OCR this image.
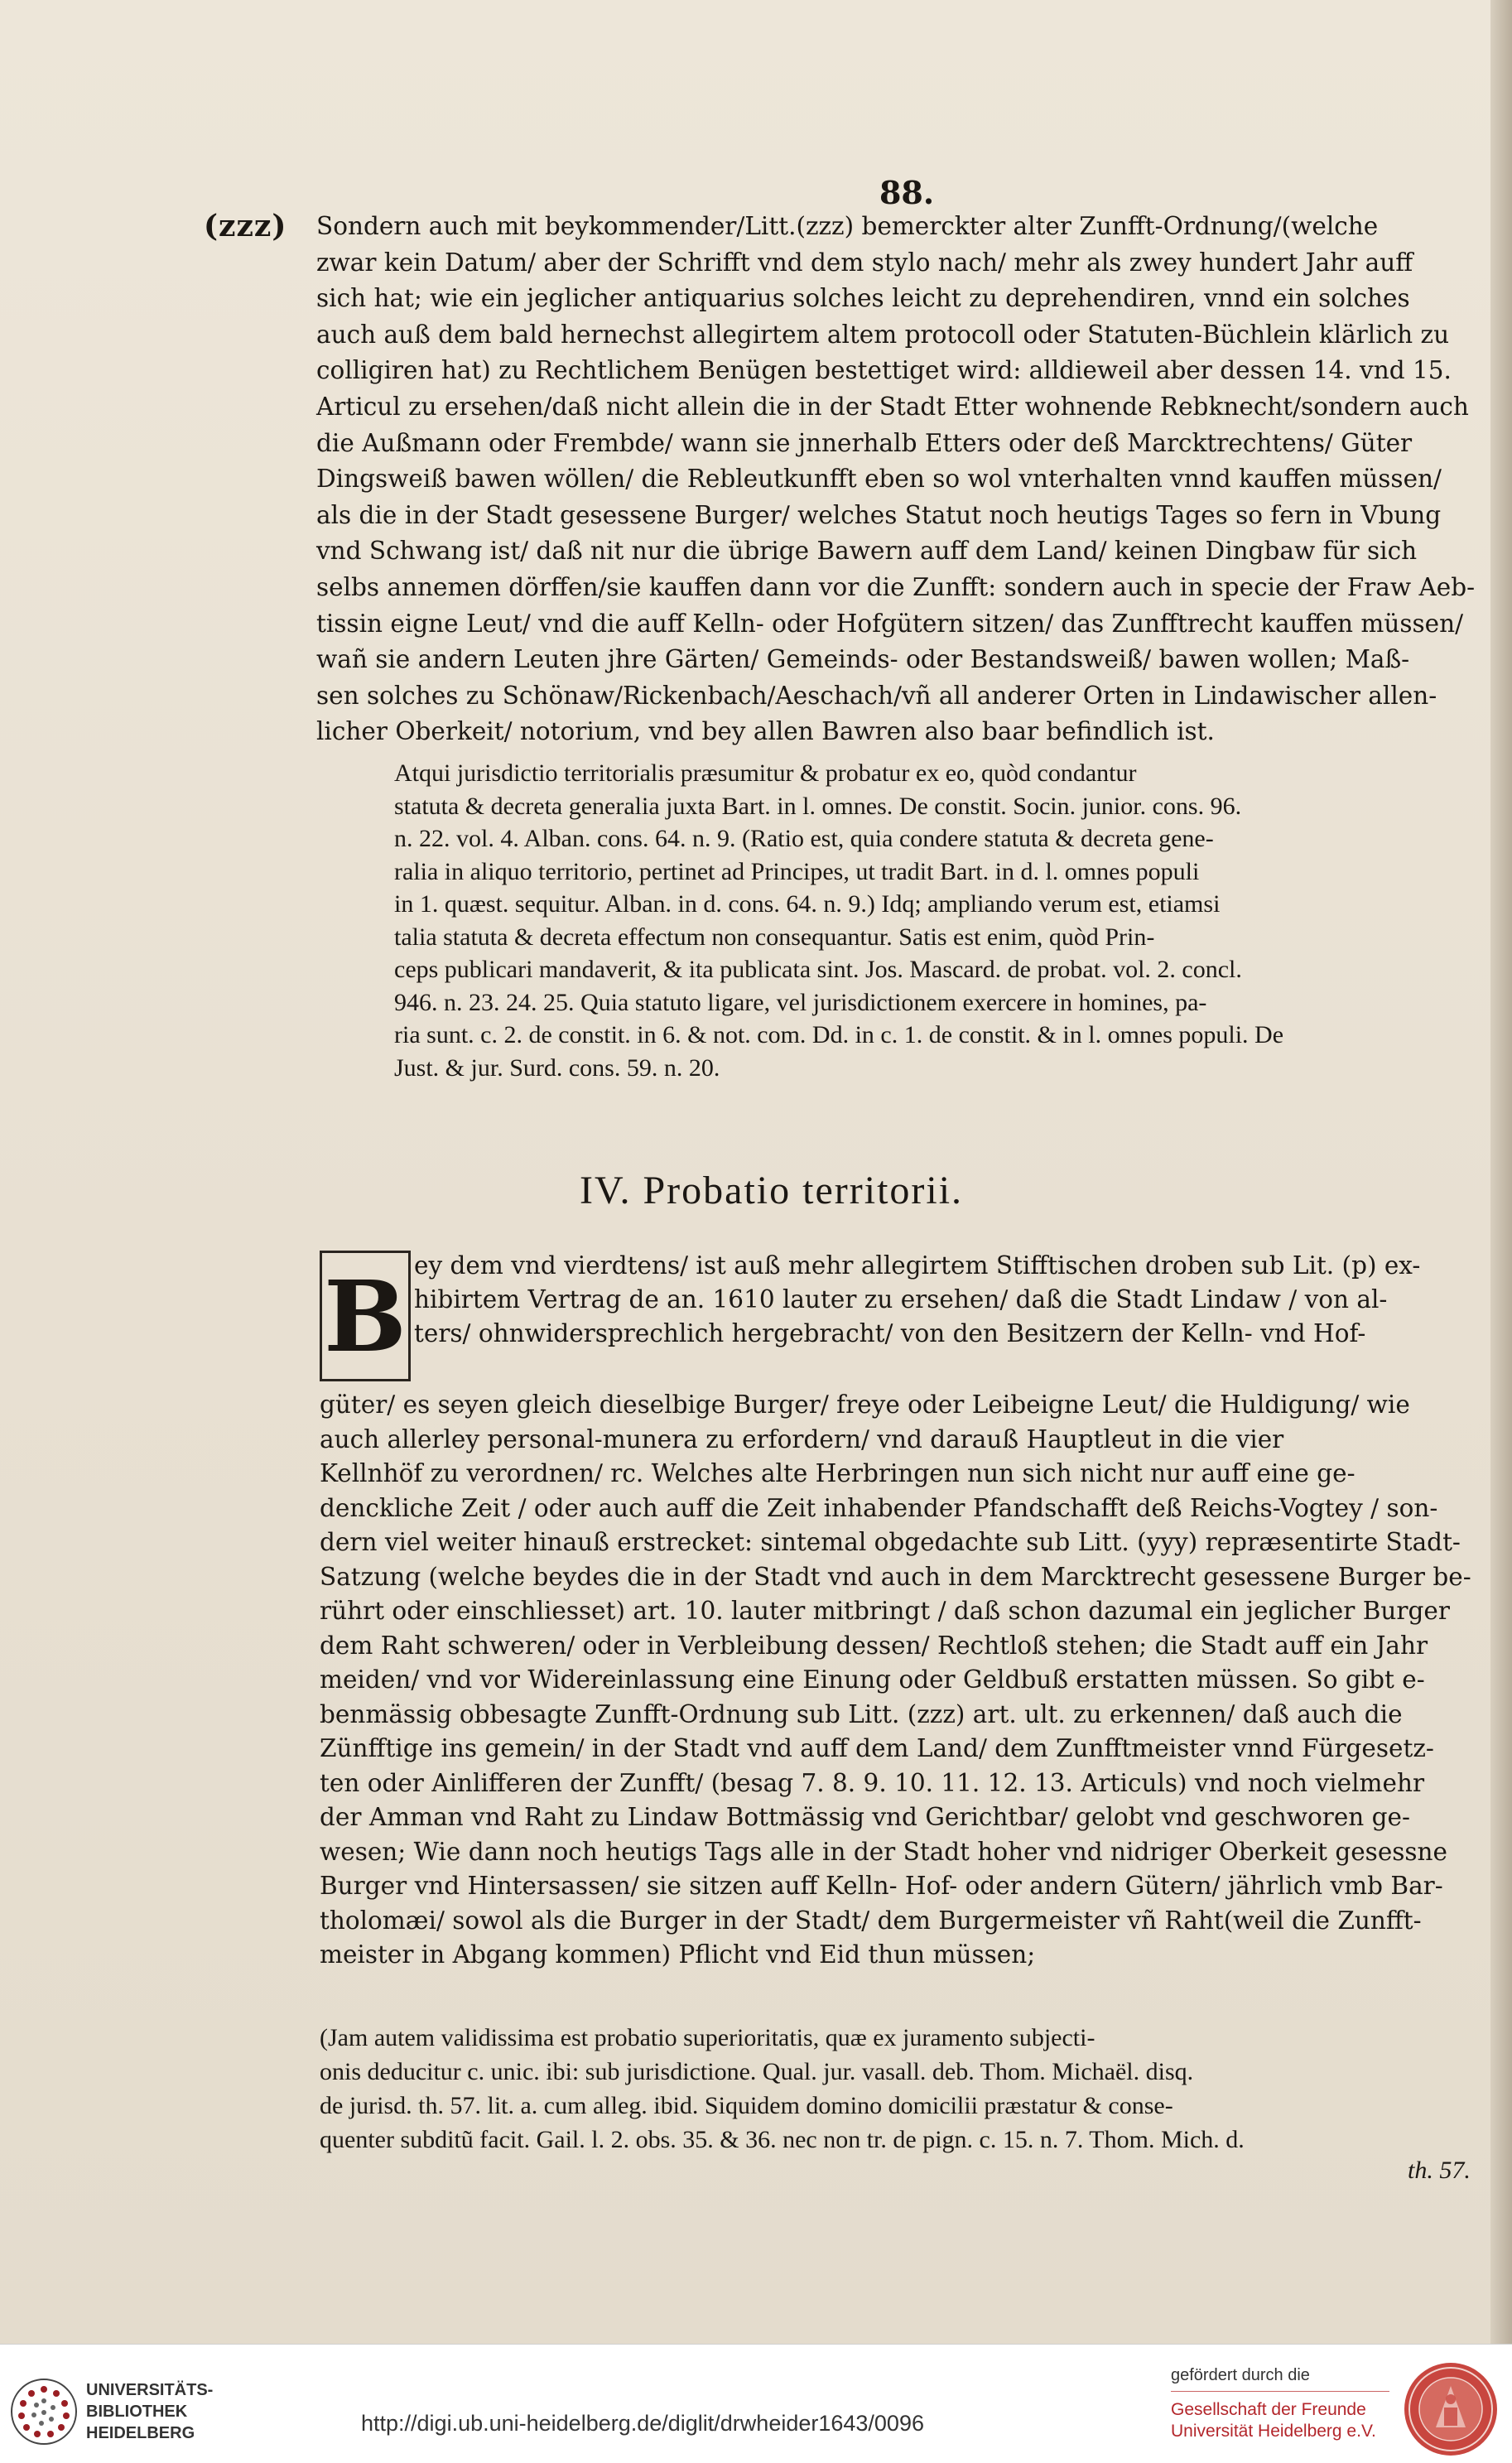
88.
(zzz) Sondern auch mit beykommender/Litt.(zzz) bemerckter alter Zunfft-Ordnung/(welche

zwar kein Datum/ aber der Schrifft vnd dem stylo nach/ mehr als zwey hundert Jahr auff

sich hat; wie ein jeglicher antiquarius solches leicht zu deprehendiren, vnnd ein solches

auch auß dem bald hernechst allegirtem altem protocoll oder Statuten-Büchlein klärlich zu

colligiren hat) zu Rechtlichem Benügen bestettiget wird: alldieweil aber dessen 14. vnd 15.

Articul zu ersehen/daß nicht allein die in der Stadt Etter wohnende Rebknecht/sondern auch

die Außmann oder Frembde/ wann sie jnnerhalb Etters oder deß Marcktrechtens/ Güter

Dingsweiß bawen wöllen/ die Rebleutkunfft eben so wol vnterhalten vnnd kauffen müssen/

als die in der Stadt gesessene Burger/ welches Statut noch heutigs Tages so fern in Vbung

vnd Schwang ist/ daß nit nur die übrige Bawern auff dem Land/ keinen Dingbaw für sich

selbs annemen dörffen/sie kauffen dann vor die Zunfft: sondern auch in specie der Fraw Aeb-

tissin eigne Leut/ vnd die auff Kelln- oder Hofgütern sitzen/ das Zunfftrecht kauffen müssen/

wañ sie andern Leuten jhre Gärten/ Gemeinds- oder Bestandsweiß/ bawen wollen; Maß-

sen solches zu Schönaw/Rickenbach/Aeschach/vñ all anderer Orten in Lindawischer allen-

licher Oberkeit/ notorium, vnd bey allen Bawren also baar befindlich ist.

Atqui jurisdictio territorialis præsumitur & probatur ex eo, quòd condantur

statuta & decreta generalia juxta Bart. in l. omnes. De constit. Socin. junior. cons. 96.

n. 22. vol. 4. Alban. cons. 64. n. 9. (Ratio est, quia condere statuta & decreta gene-

ralia in aliquo territorio, pertinet ad Principes, ut tradit Bart. in d. l. omnes populi

in 1. quæst. sequitur. Alban. in d. cons. 64. n. 9.) Idq; ampliando verum est, etiamsi

talia statuta & decreta effectum non consequantur. Satis est enim, quòd Prin-

ceps publicari mandaverit, & ita publicata sint. Jos. Mascard. de probat. vol. 2. concl.

946. n. 23. 24. 25. Quia statuto ligare, vel jurisdictionem exercere in homines, pa-

ria sunt. c. 2. de constit. in 6. & not. com. Dd. in c. 1. de constit. & in l. omnes populi. De

Just. & jur. Surd. cons. 59. n. 20.

IV. Probatio territorii.
B ey dem vnd vierdtens/ ist auß mehr allegirtem Stifftischen droben sub Lit. (p) ex-

hibirtem Vertrag de an. 1610 lauter zu ersehen/ daß die Stadt Lindaw / von al-

ters/ ohnwidersprechlich hergebracht/ von den Besitzern der Kelln- vnd Hof-

güter/ es seyen gleich dieselbige Burger/ freye oder Leibeigne Leut/ die Huldigung/ wie

auch allerley personal-munera zu erfordern/ vnd darauß Hauptleut in die vier

Kellnhöf zu verordnen/ rc. Welches alte Herbringen nun sich nicht nur auff eine ge-

denckliche Zeit / oder auch auff die Zeit inhabender Pfandschafft deß Reichs-Vogtey / son-

dern viel weiter hinauß erstrecket: sintemal obgedachte sub Litt. (yyy) repræsentirte Stadt-

Satzung (welche beydes die in der Stadt vnd auch in dem Marcktrecht gesessene Burger be-

rührt oder einschliesset) art. 10. lauter mitbringt / daß schon dazumal ein jeglicher Burger

dem Raht schweren/ oder in Verbleibung dessen/ Rechtloß stehen; die Stadt auff ein Jahr

meiden/ vnd vor Widereinlassung eine Einung oder Geldbuß erstatten müssen. So gibt e-

benmässig obbesagte Zunfft-Ordnung sub Litt. (zzz) art. ult. zu erkennen/ daß auch die

Zünfftige ins gemein/ in der Stadt vnd auff dem Land/ dem Zunfftmeister vnnd Fürgesetz-

ten oder Ainlifferen der Zunfft/ (besag 7. 8. 9. 10. 11. 12. 13. Articuls) vnd noch vielmehr

der Amman vnd Raht zu Lindaw Bottmässig vnd Gerichtbar/ gelobt vnd geschworen ge-

wesen; Wie dann noch heutigs Tags alle in der Stadt hoher vnd nidriger Oberkeit gesessne

Burger vnd Hintersassen/ sie sitzen auff Kelln- Hof- oder andern Gütern/ jährlich vmb Bar-

tholomæi/ sowol als die Burger in der Stadt/ dem Burgermeister vñ Raht(weil die Zunfft-

meister in Abgang kommen) Pflicht vnd Eid thun müssen;

(Jam autem validissima est probatio superioritatis, quæ ex juramento subjecti-

onis deducitur c. unic. ibi: sub jurisdictione. Qual. jur. vasall. deb. Thom. Michaël. disq.

de jurisd. th. 57. lit. a. cum alleg. ibid. Siquidem domino domicilii præstatur & conse-

quenter subditũ facit. Gail. l. 2. obs. 35. & 36. nec non tr. de pign. c. 15. n. 7. Thom. Mich. d.

th. 57.
UNIVERSITÄTS-
BIBLIOTHEK
HEIDELBERG	http://digi.ub.uni-heidelberg.de/diglit/drwheider1643/0096
gefördert durch die
Gesellschaft der Freunde
Universität Heidelberg e.V.
